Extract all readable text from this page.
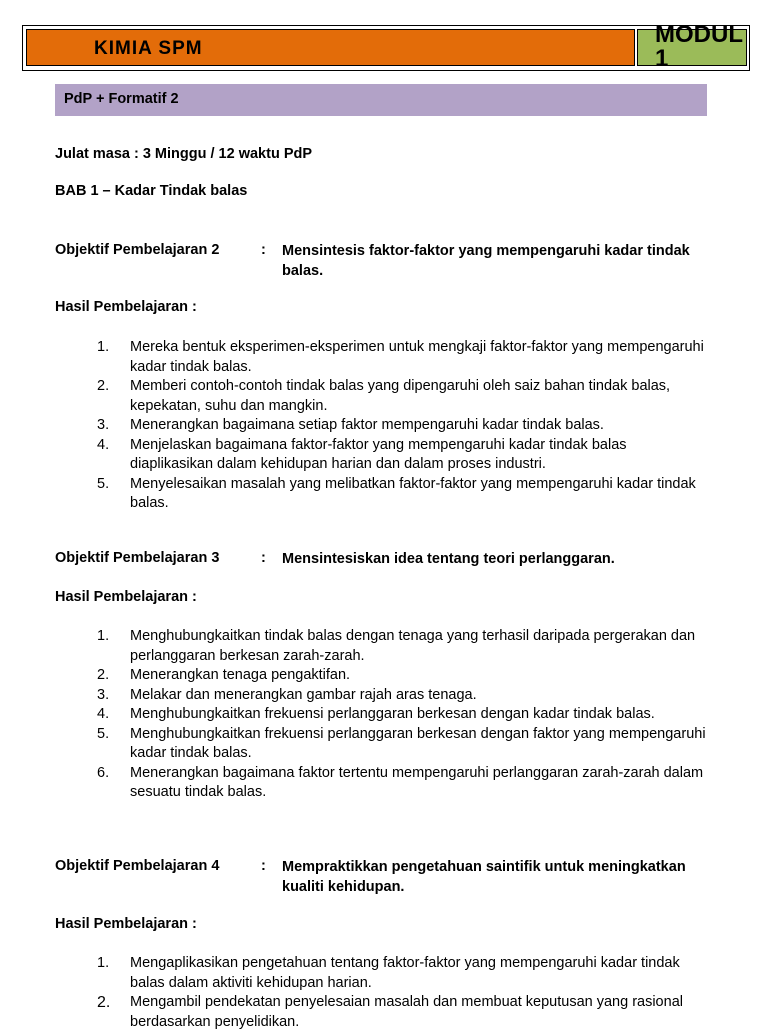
KIMIA SPM
MODUL 1
PdP + Formatif 2
Julat masa : 3 Minggu / 12 waktu PdP
BAB 1 – Kadar Tindak balas
Objektif Pembelajaran 2	: Mensintesis faktor-faktor yang mempengaruhi kadar tindak balas.
Hasil Pembelajaran :
1. Mereka bentuk eksperimen-eksperimen untuk mengkaji faktor-faktor yang mempengaruhi kadar tindak balas.
2. Memberi contoh-contoh tindak balas yang dipengaruhi oleh saiz bahan tindak balas, kepekatan, suhu dan mangkin.
3. Menerangkan bagaimana setiap faktor mempengaruhi kadar tindak balas.
4. Menjelaskan bagaimana faktor-faktor yang mempengaruhi kadar tindak balas diaplikasikan dalam kehidupan harian dan dalam proses industri.
5. Menyelesaikan masalah yang melibatkan faktor-faktor yang mempengaruhi kadar tindak balas.
Objektif Pembelajaran 3	: Mensintesiskan idea tentang teori perlanggaran.
Hasil Pembelajaran :
1. Menghubungkaitkan tindak balas dengan tenaga yang terhasil daripada pergerakan dan perlanggaran berkesan zarah-zarah.
2. Menerangkan tenaga pengaktifan.
3. Melakar dan menerangkan gambar rajah aras tenaga.
4. Menghubungkaitkan frekuensi perlanggaran berkesan dengan kadar tindak balas.
5. Menghubungkaitkan frekuensi perlanggaran berkesan dengan faktor yang mempengaruhi kadar tindak balas.
6. Menerangkan bagaimana faktor tertentu mempengaruhi perlanggaran zarah-zarah dalam sesuatu tindak balas.
Objektif Pembelajaran 4	: Mempraktikkan pengetahuan saintifik untuk meningkatkan kualiti kehidupan.
Hasil Pembelajaran :
1. Mengaplikasikan pengetahuan tentang faktor-faktor yang mempengaruhi kadar tindak balas dalam aktiviti kehidupan harian.
2. Mengambil pendekatan penyelesaian masalah dan membuat keputusan yang rasional berdasarkan penyelidikan.
